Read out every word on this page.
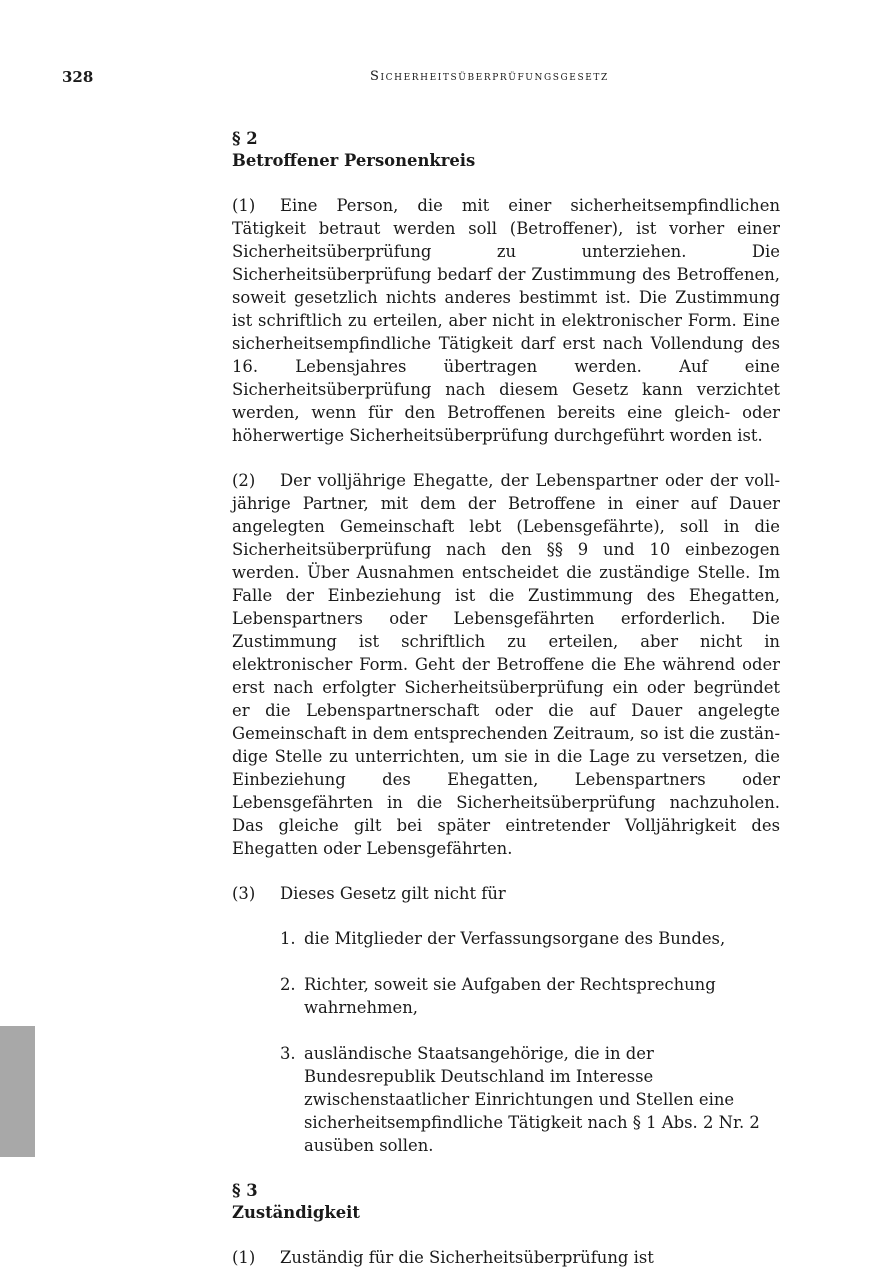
328	Sicherheitsüberprüfungsgesetz
§ 2
Betroffener Personenkreis

(1) Eine Person, die mit einer sicherheitsempfindlichen Tätigkeit betraut werden soll (Betroffener), ist vorher einer Sicherheitsüberprüfung zu unterziehen. Die Sicherheitsüberprüfung bedarf der Zustimmung des Betroffenen, soweit gesetzlich nichts anderes bestimmt ist. Die Zustimmung ist schriftlich zu erteilen, aber nicht in elektronischer Form. Eine sicherheitsempfindliche Tätigkeit darf erst nach Vollendung des 16. Lebensjahres übertragen werden. Auf eine Sicherheitsüberprüfung nach diesem Gesetz kann verzichtet werden, wenn für den Betroffenen bereits eine gleich- oder höherwertige Sicherheitsüberprüfung durchgeführt worden ist.

(2) Der volljährige Ehegatte, der Lebenspartner oder der volljährige Partner, mit dem der Betroffene in einer auf Dauer angelegten Gemeinschaft lebt (Lebensgefährte), soll in die Sicherheitsüberprüfung nach den §§ 9 und 10 einbezogen werden. Über Ausnahmen entscheidet die zuständige Stelle. Im Falle der Einbeziehung ist die Zustimmung des Ehegatten, Lebenspartners oder Lebensgefährten erforderlich. Die Zustimmung ist schriftlich zu erteilen, aber nicht in elektronischer Form. Geht der Betroffene die Ehe während oder erst nach erfolgter Sicherheitsüberprüfung ein oder begründet er die Lebenspartnerschaft oder die auf Dauer angelegte Gemeinschaft in dem entsprechenden Zeitraum, so ist die zuständige Stelle zu unterrichten, um sie in die Lage zu versetzen, die Einbeziehung des Ehegatten, Lebenspartners oder Lebensgefährten in die Sicherheitsüberprüfung nachzuholen. Das gleiche gilt bei später eintretender Volljährigkeit des Ehegatten oder Lebensgefährten.

(3)	Dieses Gesetz gilt nicht für
1. die Mitglieder der Verfassungsorgane des Bundes,
2. Richter, soweit sie Aufgaben der Rechtsprechung wahrnehmen,
3. ausländische Staatsangehörige, die in der Bundesrepublik Deutschland im Interesse zwischenstaatlicher Einrichtungen und Stellen eine sicherheitsempfindliche Tätigkeit nach § 1 Abs. 2 Nr. 2 ausüben sollen.
§ 3
Zuständigkeit
(1)	Zuständig für die Sicherheitsüberprüfung ist
